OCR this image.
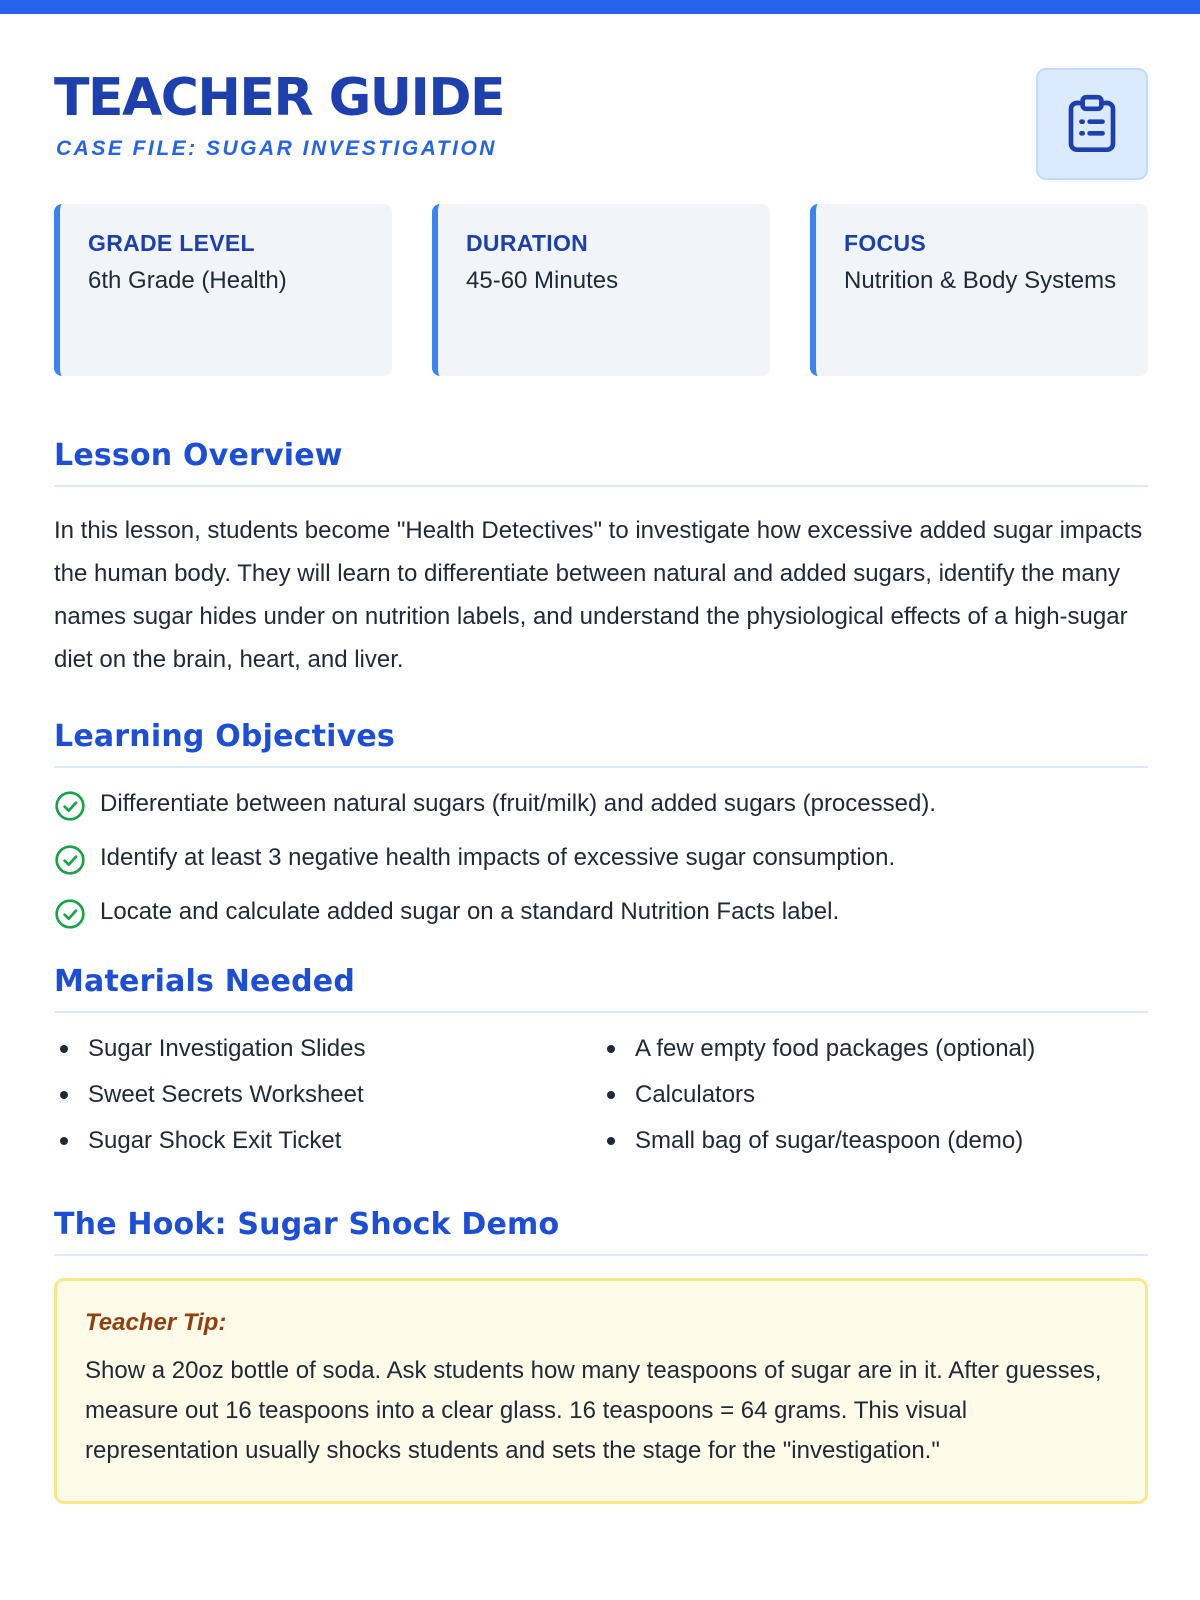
TEACHER GUIDE
CASE FILE: SUGAR INVESTIGATION
GRADE LEVEL
6th Grade (Health)
DURATION
45-60 Minutes
FOCUS
Nutrition & Body Systems
Lesson Overview

In this lesson, students become "Health Detectives" to investigate how excessive added sugar impacts the human body. They will learn to differentiate between natural and added sugars, identify the many names sugar hides under on nutrition labels, and understand the physiological effects of a high-sugar diet on the brain, heart, and liver.

Learning Objectives
Differentiate between natural sugars (fruit/milk) and added sugars (processed).
Identify at least 3 negative health impacts of excessive sugar consumption.
Locate and calculate added sugar on a standard Nutrition Facts label.
Materials Needed
Sugar Investigation Slides
Sweet Secrets Worksheet
Sugar Shock Exit Ticket
A few empty food packages (optional)
Calculators
Small bag of sugar/teaspoon (demo)
The Hook: Sugar Shock Demo
Teacher Tip:

Show a 20oz bottle of soda. Ask students how many teaspoons of sugar are in it. After guesses, measure out 16 teaspoons into a clear glass. 16 teaspoons = 64 grams. This visual representation usually shocks students and sets the stage for the "investigation."
